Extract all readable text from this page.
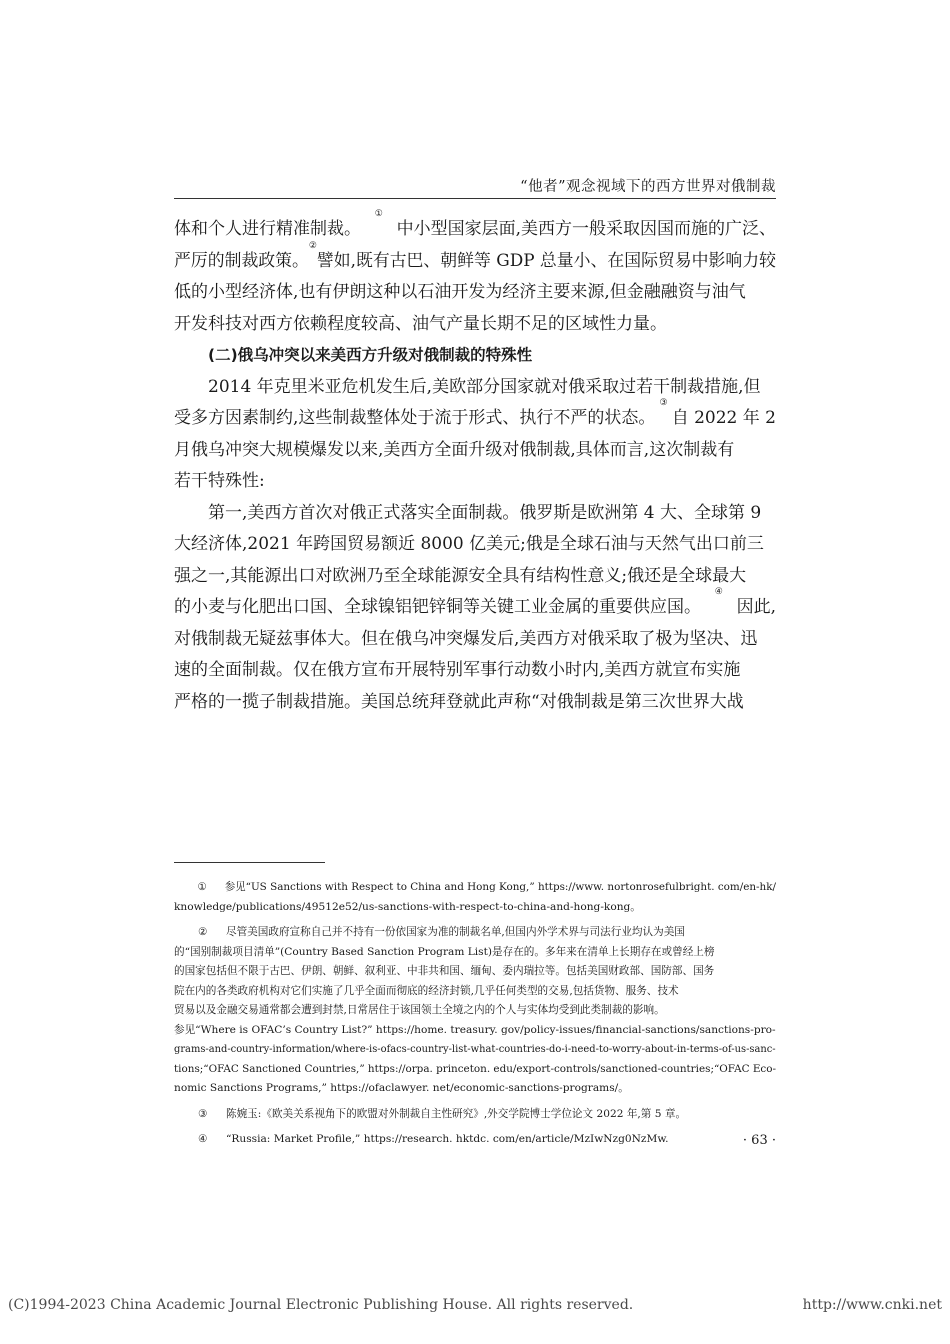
“他者”观念视域下的西方世界对俄制裁
体和个人进行精准制裁。
①
中小型国家层面,美西方一般采取因国而施的广泛、
严厉的制裁政策。
②
譬如,既有古巴、朝鲜等 GDP 总量小、在国际贸易中影响力较
低的小型经济体,也有伊朗这种以石油开发为经济主要来源,但金融融资与油气
开发科技对西方依赖程度较高、油气产量长期不足的区域性力量。
(二)俄乌冲突以来美西方升级对俄制裁的特殊性
2014 年克里米亚危机发生后,美欧部分国家就对俄采取过若干制裁措施,但
受多方因素制约,这些制裁整体处于流于形式、执行不严的状态。
③
自 2022 年 2
月俄乌冲突大规模爆发以来,美西方全面升级对俄制裁,具体而言,这次制裁有
若干特殊性:
第一,美西方首次对俄正式落实全面制裁。俄罗斯是欧洲第 4 大、全球第 9
大经济体,2021 年跨国贸易额近 8000 亿美元;俄是全球石油与天然气出口前三
强之一,其能源出口对欧洲乃至全球能源安全具有结构性意义;俄还是全球最大
的小麦与化肥出口国、全球镍铝钯锌铜等关键工业金属的重要供应国。
④
因此,
对俄制裁无疑兹事体大。但在俄乌冲突爆发后,美西方对俄采取了极为坚决、迅
速的全面制裁。仅在俄方宣布开展特别军事行动数小时内,美西方就宣布实施
严格的一揽子制裁措施。美国总统拜登就此声称“对俄制裁是第三次世界大战
① 参见“US Sanctions with Respect to China and Hong Kong,” https://www. nortonrosefulbright. com/en-hk/
knowledge/publications/49512e52/us-sanctions-with-respect-to-china-and-hong-kong。
② 尽管美国政府宣称自己并不持有一份依国家为准的制裁名单,但国内外学术界与司法行业均认为美国
的“国别制裁项目清单”(Country Based Sanction Program List)是存在的。多年来在清单上长期存在或曾经上榜
的国家包括但不限于古巴、伊朗、朝鲜、叙利亚、中非共和国、缅甸、委内瑞拉等。包括美国财政部、国防部、国务
院在内的各类政府机构对它们实施了几乎全面而彻底的经济封锁,几乎任何类型的交易,包括货物、服务、技术
贸易以及金融交易通常都会遭到封禁,日常居住于该国领土全境之内的个人与实体均受到此类制裁的影响。
参见“Where is OFAC’s Country List?” https://home. treasury. gov/policy-issues/financial-sanctions/sanctions-pro-
grams-and-country-information/where-is-ofacs-country-list-what-countries-do-i-need-to-worry-about-in-terms-of-us-sanc-
tions;“OFAC Sanctioned Countries,” https://orpa. princeton. edu/export-controls/sanctioned-countries;“OFAC Eco-
nomic Sanctions Programs,” https://ofaclawyer. net/economic-sanctions-programs/。
③ 陈婉玉:《欧美关系视角下的欧盟对外制裁自主性研究》,外交学院博士学位论文 2022 年,第 5 章。
④ “Russia: Market Profile,” https://research. hktdc. com/en/article/MzIwNzg0NzMw.	· 63 ·
(C)1994-2023 China Academic Journal Electronic Publishing House. All rights reserved.	http://www.cnki.net
